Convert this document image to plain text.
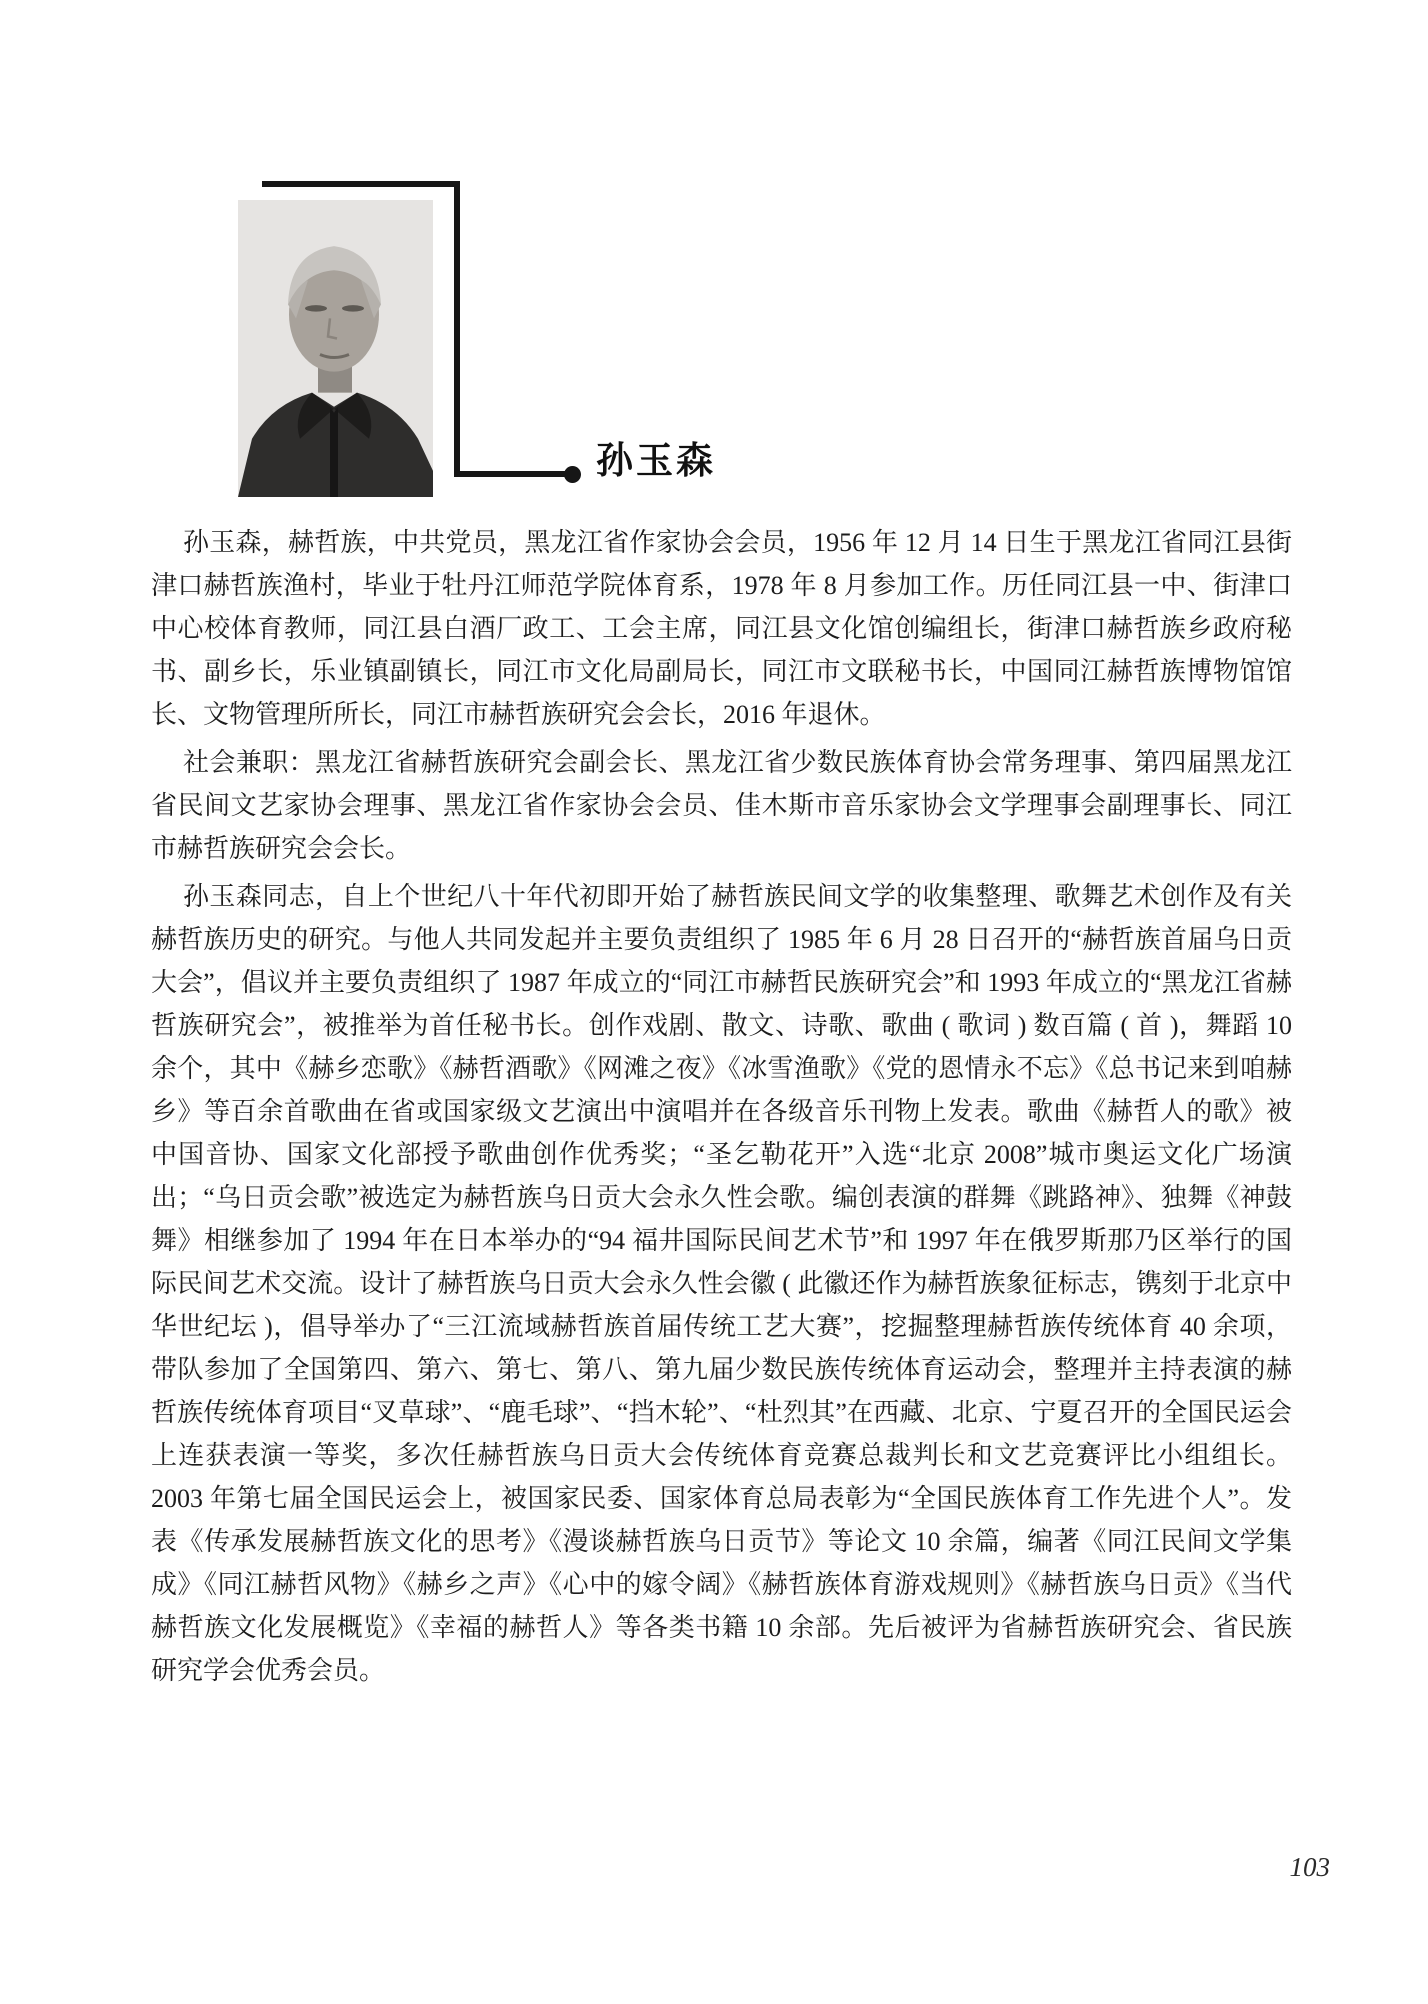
孙玉森

孙玉森，赫哲族，中共党员，黑龙江省作家协会会员，1956 年 12 月 14 日生于黑龙江省同江县街津口赫哲族渔村，毕业于牡丹江师范学院体育系，1978 年 8 月参加工作。历任同江县一中、街津口中心校体育教师，同江县白酒厂政工、工会主席，同江县文化馆创编组长，街津口赫哲族乡政府秘书、副乡长，乐业镇副镇长，同江市文化局副局长，同江市文联秘书长，中国同江赫哲族博物馆馆长、文物管理所所长，同江市赫哲族研究会会长，2016 年退休。

社会兼职：黑龙江省赫哲族研究会副会长、黑龙江省少数民族体育协会常务理事、第四届黑龙江省民间文艺家协会理事、黑龙江省作家协会会员、佳木斯市音乐家协会文学理事会副理事长、同江市赫哲族研究会会长。

孙玉森同志，自上个世纪八十年代初即开始了赫哲族民间文学的收集整理、歌舞艺术创作及有关赫哲族历史的研究。与他人共同发起并主要负责组织了 1985 年 6 月 28 日召开的“赫哲族首届乌日贡大会”，倡议并主要负责组织了 1987 年成立的“同江市赫哲民族研究会”和 1993 年成立的“黑龙江省赫哲族研究会”，被推举为首任秘书长。创作戏剧、散文、诗歌、歌曲 ( 歌词 ) 数百篇 ( 首 )，舞蹈 10 余个，其中《赫乡恋歌》《赫哲酒歌》《网滩之夜》《冰雪渔歌》《党的恩情永不忘》《总书记来到咱赫乡》等百余首歌曲在省或国家级文艺演出中演唱并在各级音乐刊物上发表。歌曲《赫哲人的歌》被中国音协、国家文化部授予歌曲创作优秀奖；“圣乞勒花开”入选“北京 2008”城市奥运文化广场演出；“乌日贡会歌”被选定为赫哲族乌日贡大会永久性会歌。编创表演的群舞《跳路神》、独舞《神鼓舞》相继参加了 1994 年在日本举办的“94 福井国际民间艺术节”和 1997 年在俄罗斯那乃区举行的国际民间艺术交流。设计了赫哲族乌日贡大会永久性会徽 ( 此徽还作为赫哲族象征标志，镌刻于北京中华世纪坛 )，倡导举办了“三江流域赫哲族首届传统工艺大赛”，挖掘整理赫哲族传统体育 40 余项，带队参加了全国第四、第六、第七、第八、第九届少数民族传统体育运动会，整理并主持表演的赫哲族传统体育项目“叉草球”、“鹿毛球”、“挡木轮”、“杜烈其”在西藏、北京、宁夏召开的全国民运会上连获表演一等奖，多次任赫哲族乌日贡大会传统体育竞赛总裁判长和文艺竞赛评比小组组长。2003 年第七届全国民运会上，被国家民委、国家体育总局表彰为“全国民族体育工作先进个人”。发表《传承发展赫哲族文化的思考》《漫谈赫哲族乌日贡节》等论文 10 余篇，编著《同江民间文学集成》《同江赫哲风物》《赫乡之声》《心中的嫁令阔》《赫哲族体育游戏规则》《赫哲族乌日贡》《当代赫哲族文化发展概览》《幸福的赫哲人》等各类书籍 10 余部。先后被评为省赫哲族研究会、省民族研究学会优秀会员。

103
